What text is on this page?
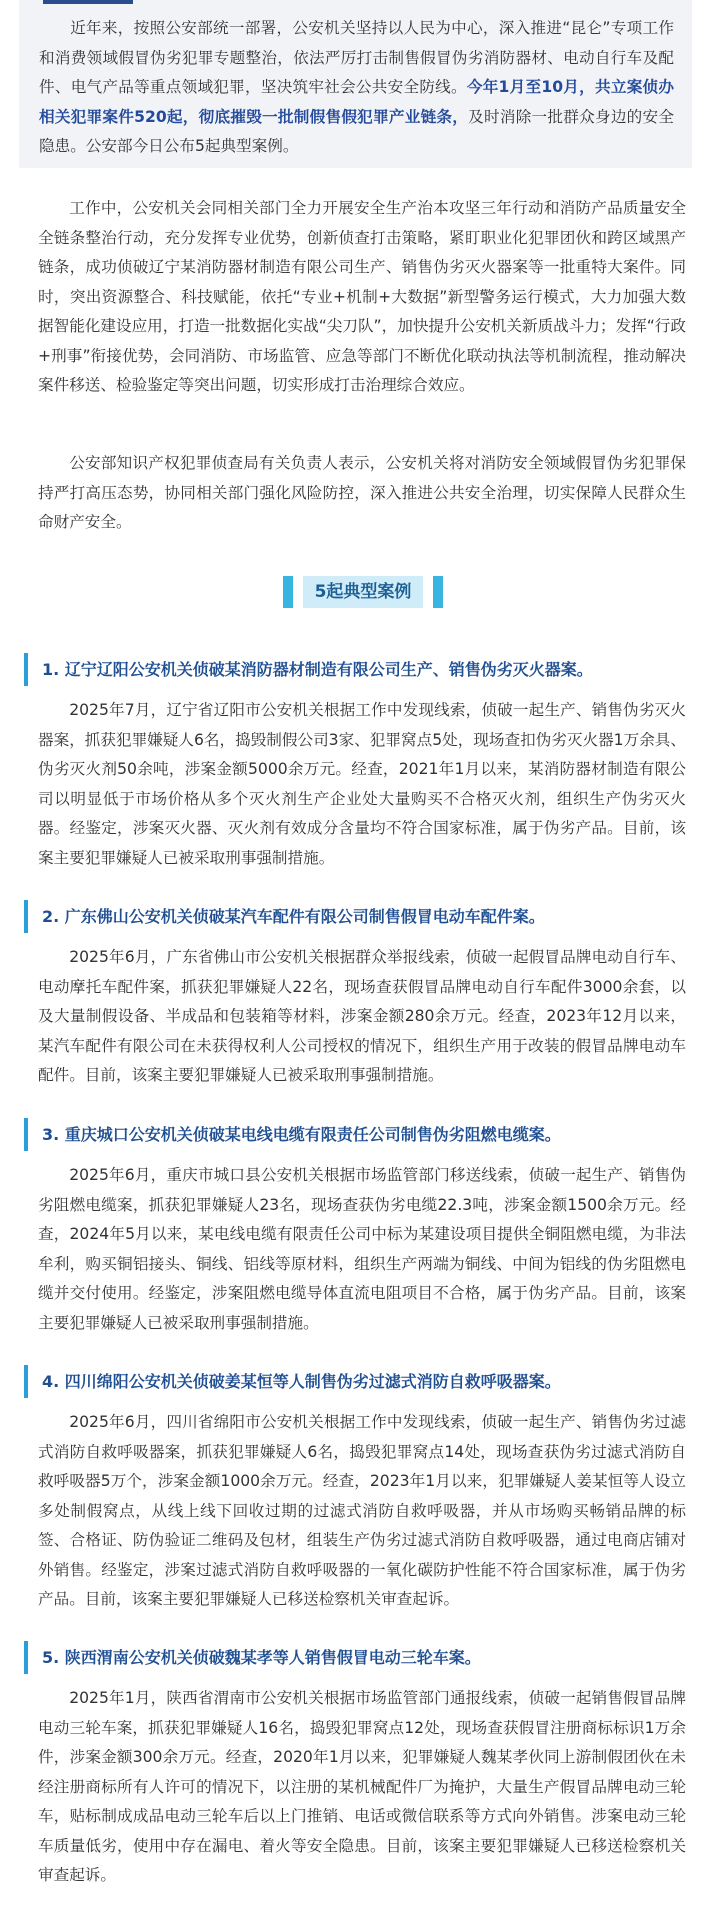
近年来，按照公安部统一部署，公安机关坚持以人民为中心，深入推进“昆仑”专项工作和消费领域假冒伪劣犯罪专题整治，依法严厉打击制售假冒伪劣消防器材、电动自行车及配件、电气产品等重点领域犯罪，坚决筑牢社会公共安全防线。今年1月至10月，共立案侦办相关犯罪案件520起，彻底摧毁一批制假售假犯罪产业链条，及时消除一批群众身边的安全隐患。公安部今日公布5起典型案例。

工作中，公安机关会同相关部门全力开展安全生产治本攻坚三年行动和消防产品质量安全全链条整治行动，充分发挥专业优势，创新侦查打击策略，紧盯职业化犯罪团伙和跨区域黑产链条，成功侦破辽宁某消防器材制造有限公司生产、销售伪劣灭火器案等一批重特大案件。同时，突出资源整合、科技赋能，依托“专业+机制+大数据”新型警务运行模式，大力加强大数据智能化建设应用，打造一批数据化实战“尖刀队”，加快提升公安机关新质战斗力；发挥“行政+刑事”衔接优势，会同消防、市场监管、应急等部门不断优化联动执法等机制流程，推动解决案件移送、检验鉴定等突出问题，切实形成打击治理综合效应。

公安部知识产权犯罪侦查局有关负责人表示，公安机关将对消防安全领域假冒伪劣犯罪保持严打高压态势，协同相关部门强化风险防控，深入推进公共安全治理，切实保障人民群众生命财产安全。

5起典型案例
1. 辽宁辽阳公安机关侦破某消防器材制造有限公司生产、销售伪劣灭火器案。

2025年7月，辽宁省辽阳市公安机关根据工作中发现线索，侦破一起生产、销售伪劣灭火器案，抓获犯罪嫌疑人6名，捣毁制假公司3家、犯罪窝点5处，现场查扣伪劣灭火器1万余具、伪劣灭火剂50余吨，涉案金额5000余万元。经查，2021年1月以来，某消防器材制造有限公司以明显低于市场价格从多个灭火剂生产企业处大量购买不合格灭火剂，组织生产伪劣灭火器。经鉴定，涉案灭火器、灭火剂有效成分含量均不符合国家标准，属于伪劣产品。目前，该案主要犯罪嫌疑人已被采取刑事强制措施。

2. 广东佛山公安机关侦破某汽车配件有限公司制售假冒电动车配件案。

2025年6月，广东省佛山市公安机关根据群众举报线索，侦破一起假冒品牌电动自行车、电动摩托车配件案，抓获犯罪嫌疑人22名，现场查获假冒品牌电动自行车配件3000余套，以及大量制假设备、半成品和包装箱等材料，涉案金额280余万元。经查，2023年12月以来，某汽车配件有限公司在未获得权利人公司授权的情况下，组织生产用于改装的假冒品牌电动车配件。目前，该案主要犯罪嫌疑人已被采取刑事强制措施。

3. 重庆城口公安机关侦破某电线电缆有限责任公司制售伪劣阻燃电缆案。

2025年6月，重庆市城口县公安机关根据市场监管部门移送线索，侦破一起生产、销售伪劣阻燃电缆案，抓获犯罪嫌疑人23名，现场查获伪劣电缆22.3吨，涉案金额1500余万元。经查，2024年5月以来，某电线电缆有限责任公司中标为某建设项目提供全铜阻燃电缆，为非法牟利，购买铜铝接头、铜线、铝线等原材料，组织生产两端为铜线、中间为铝线的伪劣阻燃电缆并交付使用。经鉴定，涉案阻燃电缆导体直流电阻项目不合格，属于伪劣产品。目前，该案主要犯罪嫌疑人已被采取刑事强制措施。

4. 四川绵阳公安机关侦破姜某恒等人制售伪劣过滤式消防自救呼吸器案。

2025年6月，四川省绵阳市公安机关根据工作中发现线索，侦破一起生产、销售伪劣过滤式消防自救呼吸器案，抓获犯罪嫌疑人6名，捣毁犯罪窝点14处，现场查获伪劣过滤式消防自救呼吸器5万个，涉案金额1000余万元。经查，2023年1月以来，犯罪嫌疑人姜某恒等人设立多处制假窝点，从线上线下回收过期的过滤式消防自救呼吸器，并从市场购买畅销品牌的标签、合格证、防伪验证二维码及包材，组装生产伪劣过滤式消防自救呼吸器，通过电商店铺对外销售。经鉴定，涉案过滤式消防自救呼吸器的一氧化碳防护性能不符合国家标准，属于伪劣产品。目前，该案主要犯罪嫌疑人已移送检察机关审查起诉。

5. 陕西渭南公安机关侦破魏某孝等人销售假冒电动三轮车案。

2025年1月，陕西省渭南市公安机关根据市场监管部门通报线索，侦破一起销售假冒品牌电动三轮车案，抓获犯罪嫌疑人16名，捣毁犯罪窝点12处，现场查获假冒注册商标标识1万余件，涉案金额300余万元。经查，2020年1月以来，犯罪嫌疑人魏某孝伙同上游制假团伙在未经注册商标所有人许可的情况下，以注册的某机械配件厂为掩护，大量生产假冒品牌电动三轮车，贴标制成成品电动三轮车后以上门推销、电话或微信联系等方式向外销售。涉案电动三轮车质量低劣，使用中存在漏电、着火等安全隐患。目前，该案主要犯罪嫌疑人已移送检察机关审查起诉。
